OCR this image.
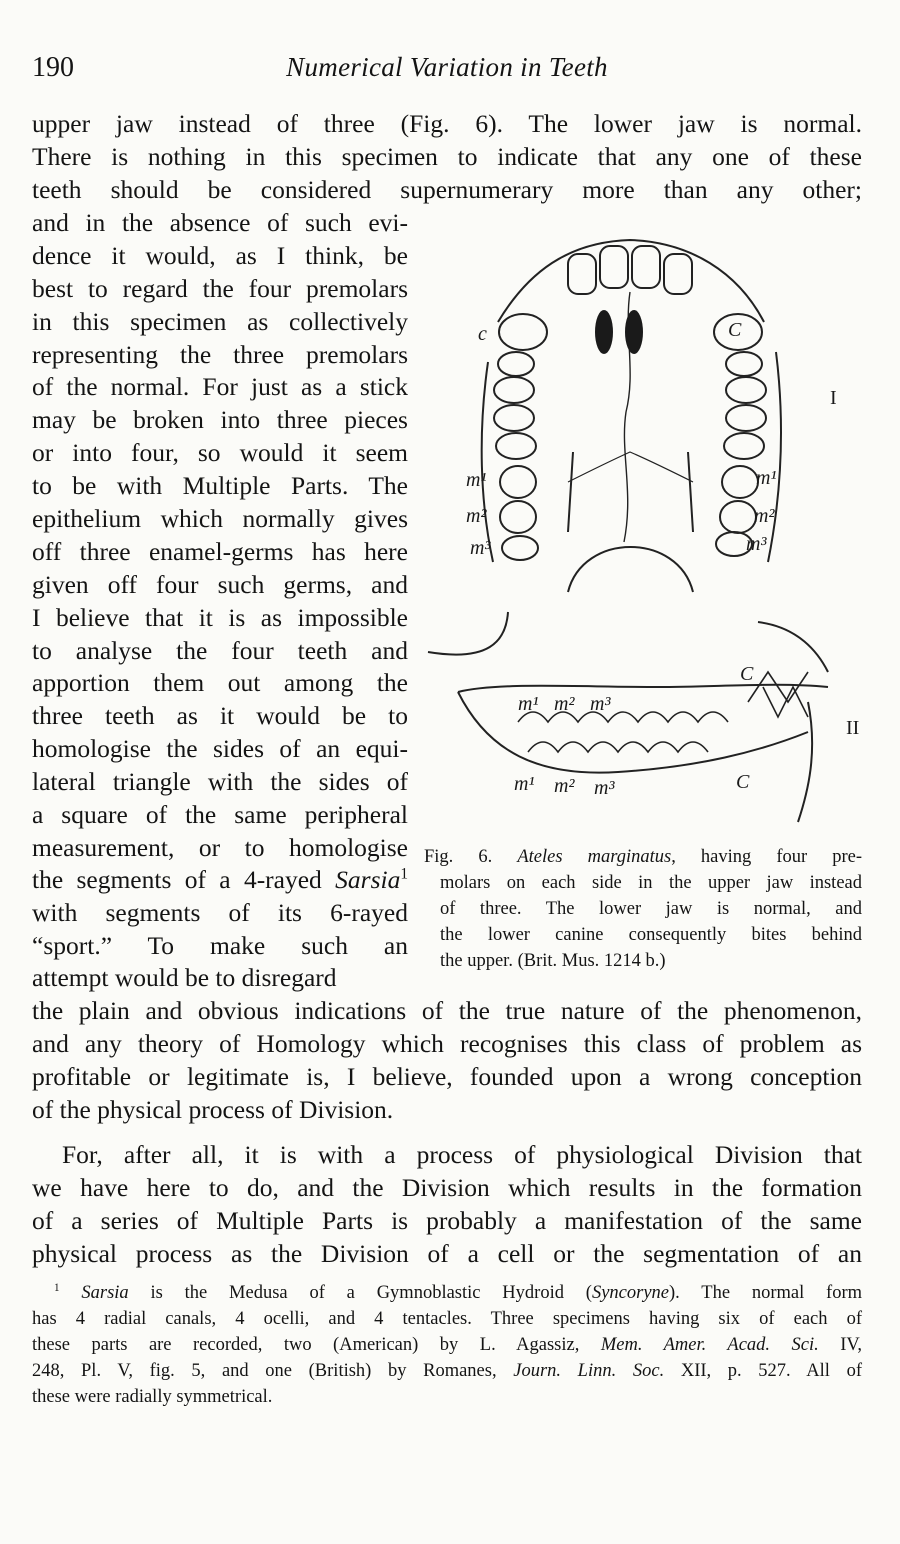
190	Numerical Variation in Teeth
upper jaw instead of three (Fig. 6). The lower jaw is normal.
There is nothing in this specimen to indicate that any one of these
teeth should be considered supernumerary more than any other;
and in the absence of such evi-
dence it would, as I think, be
best to regard the four premolars
in this specimen as collectively
representing the three premolars
of the normal. For just as a stick
may be broken into three pieces
or into four, so would it seem
to be with Multiple Parts. The
epithelium which normally gives
off three enamel-germs has here
given off four such germs, and
I believe that it is as impossible
to analyse the four teeth and
apportion them out among the
three teeth as it would be to
homologise the sides of an equi-
lateral triangle with the sides of
a square of the same peripheral
measurement, or to homologise
the segments of a 4-rayed Sarsia$^1$
with segments of its 6-rayed
“sport.” To make such an
attempt would be to disregard
the plain and obvious indications of the true nature of the phenomenon,
and any theory of Homology which recognises this class of problem as
profitable or legitimate is, I believe, founded upon a wrong conception
of the physical process of Division.
For, after all, it is with a process of physiological Division that
we have here to do, and the Division which results in the formation
of a series of Multiple Parts is probably a manifestation of the same
physical process as the Division of a cell or the segmentation of an
c	C
I
m¹
m²
m³
m¹
m²
m³
m¹ m² m³
C
II
m¹ m² m³	C
Fig. 6. Ateles marginatus, having four pre-
molars on each side in the upper jaw instead
of three. The lower jaw is normal, and
the lower canine consequently bites behind
the upper. (Brit. Mus. 1214 b.)
$^1$ Sarsia is the Medusa of a Gymnoblastic Hydroid (Syncoryne). The normal form
has 4 radial canals, 4 ocelli, and 4 tentacles. Three specimens having six of each of
these parts are recorded, two (American) by L. Agassiz, Mem. Amer. Acad. Sci. IV,
248, Pl. V, fig. 5, and one (British) by Romanes, Journ. Linn. Soc. XII, p. 527. All of
these were radially symmetrical.
